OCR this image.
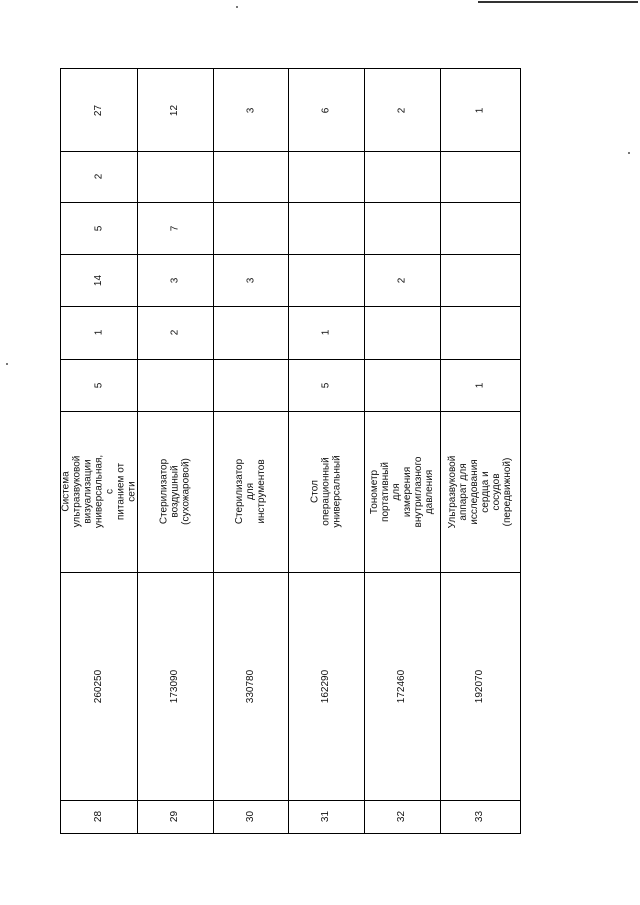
28
260250
Система ультразвуковой визуализации универсальная, с питанием от сети
5
1
14
5
2
27
29
173090
Стерилизатор воздушный (сухожаровой)
2
3
7
12
30
330780
Стерилизатор для инструментов
3
3
31
162290
Стол операционный универсальный
5
1
6
32
172460
Тонометр портативный для измерения внутриглазного давления
2
2
33
192070
Ультразвуковой аппарат для исследования сердца и сосудов (передвижной)
1
1
